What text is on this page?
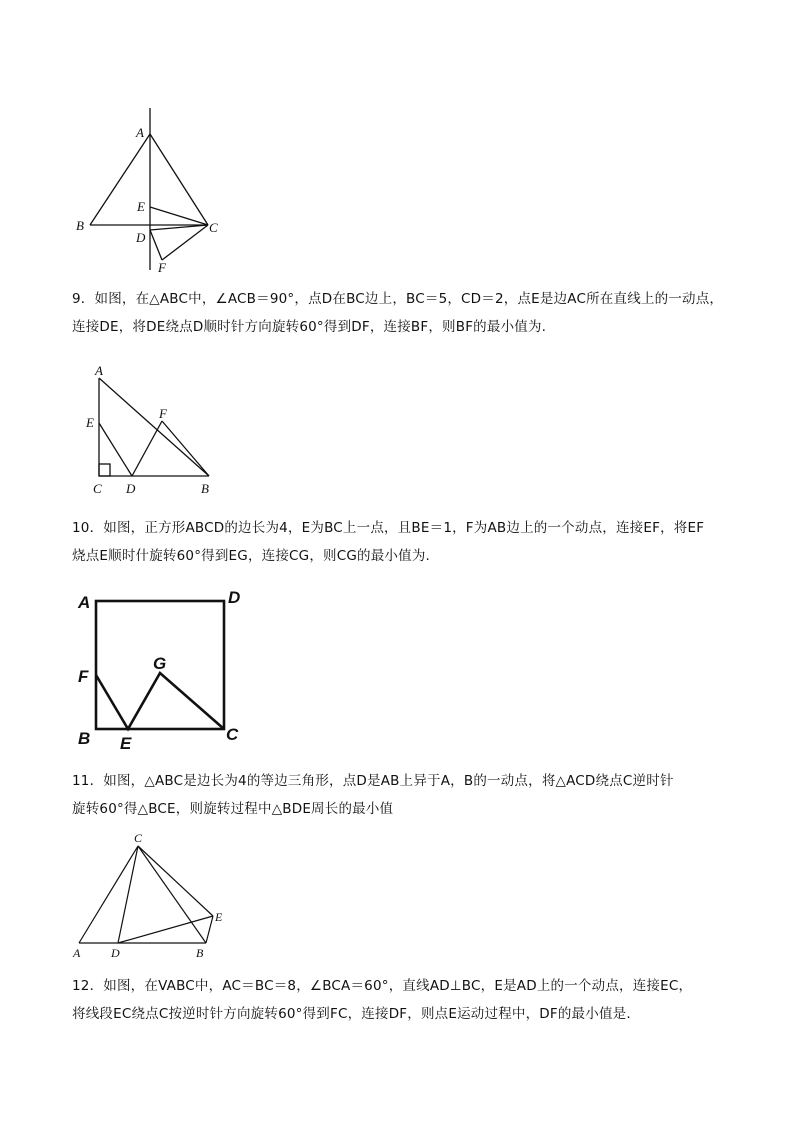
A
B	C
D
E
F

9．如图，在△ABC中，∠ACB＝90°，点D在BC边上，BC＝5，CD＝2，点E是边AC所在直线上的一动点，

连接DE，将DE绕点D顺时针方向旋转60°得到DF，连接BF，则BF的最小值为.

A
E
F
C D	B

10．如图，正方形ABCD的边长为4，E为BC上一点，且BE＝1，F为AB边上的一个动点，连接EF，将EF

烧点E顺时什旋转60°得到EG，连接CG，则CG的最小值为.

A	D
F
G
B E	C

11．如图，△ABC是边长为4的等边三角形，点D是AB上异于A，B的一动点，将△ACD绕点C逆时针

旋转60°得△BCE，则旋转过程中△BDE周长的最小值

C
E
A	D	B

12．如图，在VABC中，AC＝BC＝8，∠BCA＝60°，直线AD⊥BC，E是AD上的一个动点，连接EC，

将线段EC绕点C按逆时针方向旋转60°得到FC，连接DF，则点E运动过程中，DF的最小值是.
